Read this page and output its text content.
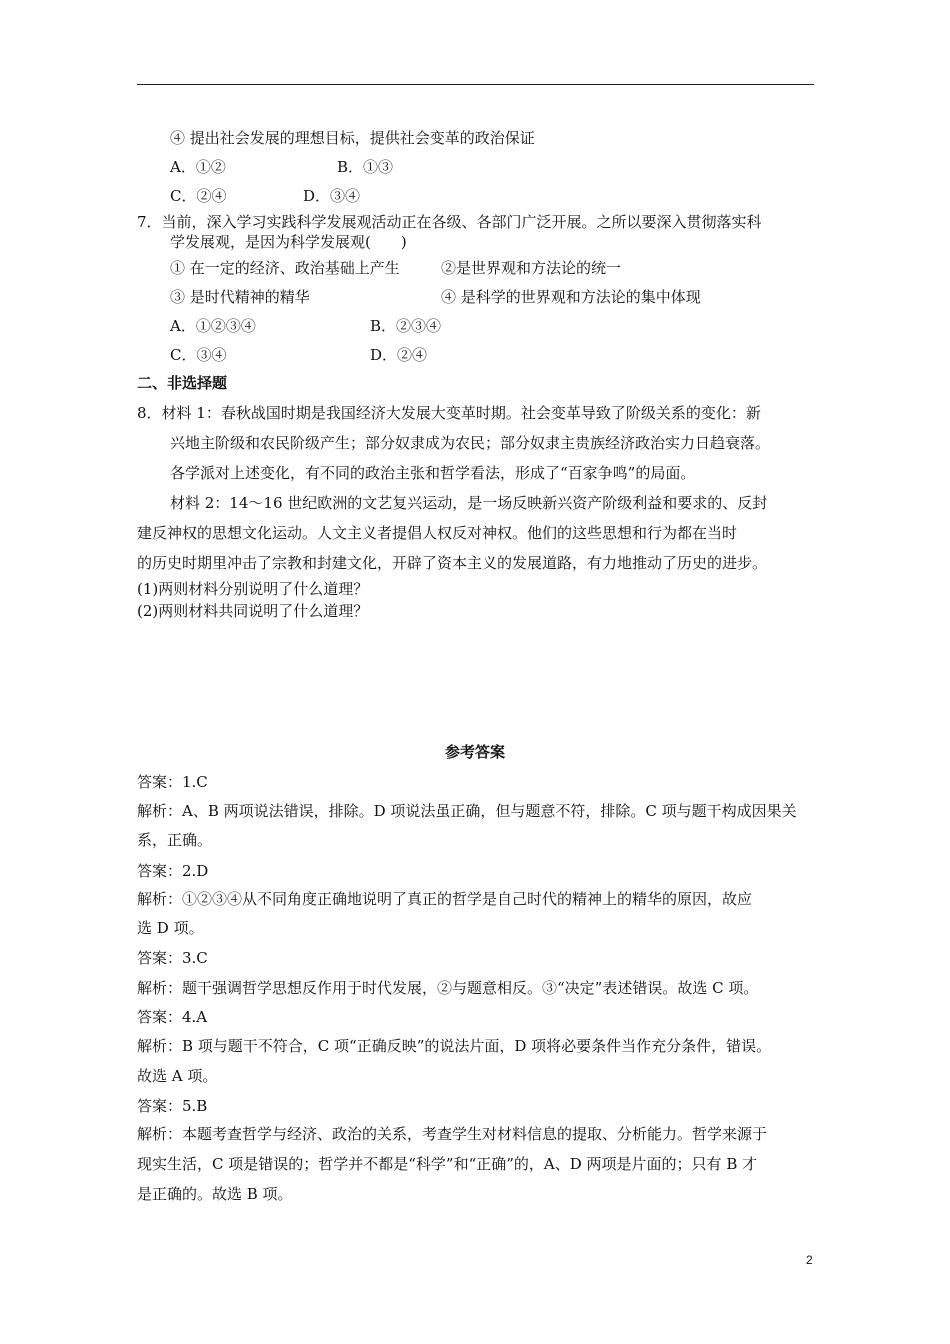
④ 提出社会发展的理想目标，提供社会变革的政治保证
A．①②	B．①③
C．②④	D．③④
7．当前，深入学习实践科学发展观活动正在各级、各部门广泛开展。之所以要深入贯彻落实科
学发展观，是因为科学发展观(　　)
① 在一定的经济、政治基础上产生	②是世界观和方法论的统一
③ 是时代精神的精华	④ 是科学的世界观和方法论的集中体现
A．①②③④	B．②③④
C．③④	D．②④
二、非选择题
8．材料 1：春秋战国时期是我国经济大发展大变革时期。社会变革导致了阶级关系的变化：新
兴地主阶级和农民阶级产生；部分奴隶成为农民；部分奴隶主贵族经济政治实力日趋衰落。
各学派对上述变化，有不同的政治主张和哲学看法，形成了“百家争鸣”的局面。
材料 2：14～16 世纪欧洲的文艺复兴运动，是一场反映新兴资产阶级利益和要求的、反封
建反神权的思想文化运动。人文主义者提倡人权反对神权。他们的这些思想和行为都在当时
的历史时期里冲击了宗教和封建文化，开辟了资本主义的发展道路，有力地推动了历史的进步。
(1)两则材料分别说明了什么道理？
(2)两则材料共同说明了什么道理？
参考答案
答案：1.C
解析：A、B 两项说法错误，排除。D 项说法虽正确，但与题意不符，排除。C 项与题干构成因果关
系，正确。
答案：2.D
解析：①②③④从不同角度正确地说明了真正的哲学是自己时代的精神上的精华的原因，故应
选 D 项。
答案：3.C
解析：题干强调哲学思想反作用于时代发展，②与题意相反。③“决定”表述错误。故选 C 项。
答案：4.A
解析：B 项与题干不符合，C 项“正确反映”的说法片面，D 项将必要条件当作充分条件，错误。
故选 A 项。
答案：5.B
解析：本题考查哲学与经济、政治的关系，考查学生对材料信息的提取、分析能力。哲学来源于
现实生活，C 项是错误的；哲学并不都是“科学”和“正确”的，A、D 两项是片面的；只有 B 才
是正确的。故选 B 项。
2
